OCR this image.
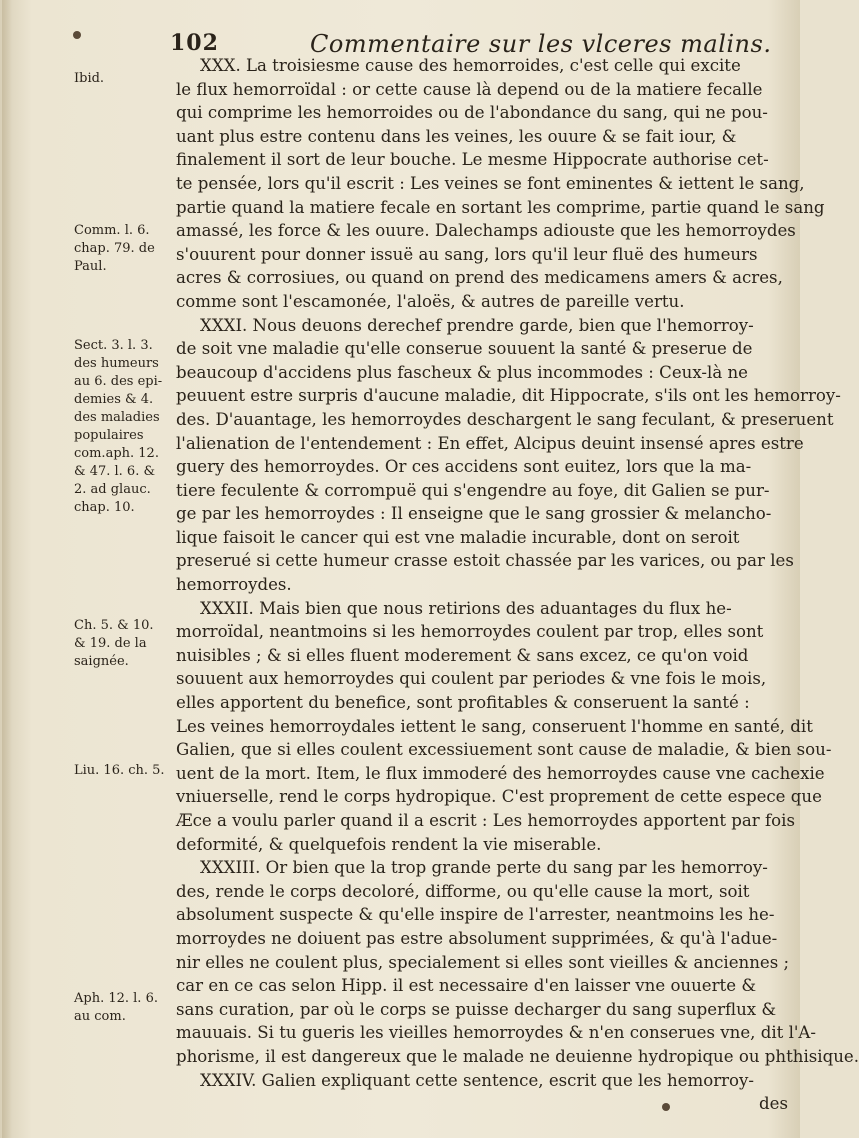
102	Commentaire sur les vlceres malins.
Ibid.
Comm. l. 6.
chap. 79. de
Paul.
Sect. 3. l. 3.
des humeurs
au 6. des epi-
demies & 4.
des maladies
populaires
com.aph. 12.
& 47. l. 6. &
2. ad glauc.
chap. 10.
Ch. 5. & 10.
& 19. de la
saignée.
Liu. 16. ch. 5.
Aph. 12. l. 6.
au com.
XXX. La troisiesme cause des hemorroides, c'est celle qui excite
le flux hemorroïdal : or cette cause là depend ou de la matiere fecalle
qui comprime les hemorroides ou de l'abondance du sang, qui ne pou-
uant plus estre contenu dans les veines, les ouure & se fait iour, &
finalement il sort de leur bouche. Le mesme Hippocrate authorise cet-
te pensée, lors qu'il escrit : Les veines se font eminentes & iettent le sang,
partie quand la matiere fecale en sortant les comprime, partie quand le sang
amassé, les force & les ouure. Dalechamps adiouste que les hemorroydes
s'ouurent pour donner issuë au sang, lors qu'il leur fluë des humeurs
acres & corrosiues, ou quand on prend des medicamens amers & acres,
comme sont l'escamonée, l'aloës, & autres de pareille vertu.
XXXI. Nous deuons derechef prendre garde, bien que l'hemorroy-
de soit vne maladie qu'elle conserue souuent la santé & preserue de
beaucoup d'accidens plus fascheux & plus incommodes : Ceux-là ne
peuuent estre surpris d'aucune maladie, dit Hippocrate, s'ils ont les hemorroy-
des. D'auantage, les hemorroydes deschargent le sang feculant, & preseruent
l'alienation de l'entendement : En effet, Alcipus deuint insensé apres estre
guery des hemorroydes. Or ces accidens sont euitez, lors que la ma-
tiere feculente & corrompuë qui s'engendre au foye, dit Galien se pur-
ge par les hemorroydes : Il enseigne que le sang grossier & melancho-
lique faisoit le cancer qui est vne maladie incurable, dont on seroit
preserué si cette humeur crasse estoit chassée par les varices, ou par les
hemorroydes.
XXXII. Mais bien que nous retirions des aduantages du flux he-
morroïdal, neantmoins si les hemorroydes coulent par trop, elles sont
nuisibles ; & si elles fluent moderement & sans excez, ce qu'on void
souuent aux hemorroydes qui coulent par periodes & vne fois le mois,
elles apportent du benefice, sont profitables & conseruent la santé :
Les veines hemorroydales iettent le sang, conseruent l'homme en santé, dit
Galien, que si elles coulent excessiuement sont cause de maladie, & bien sou-
uent de la mort. Item, le flux immoderé des hemorroydes cause vne cachexie
vniuerselle, rend le corps hydropique. C'est proprement de cette espece que
Æce a voulu parler quand il a escrit : Les hemorroydes apportent par fois
deformité, & quelquefois rendent la vie miserable.
XXXIII. Or bien que la trop grande perte du sang par les hemorroy-
des, rende le corps decoloré, difforme, ou qu'elle cause la mort, soit
absolument suspecte & qu'elle inspire de l'arrester, neantmoins les he-
morroydes ne doiuent pas estre absolument supprimées, & qu'à l'adue-
nir elles ne coulent plus, specialement si elles sont vieilles & anciennes ;
car en ce cas selon Hipp. il est necessaire d'en laisser vne ouuerte &
sans curation, par où le corps se puisse decharger du sang superflux &
mauuais. Si tu gueris les vieilles hemorroydes & n'en conserues vne, dit l'A-
phorisme, il est dangereux que le malade ne deuienne hydropique ou phthisique.
XXXIV. Galien expliquant cette sentence, escrit que les hemorroy-
des
